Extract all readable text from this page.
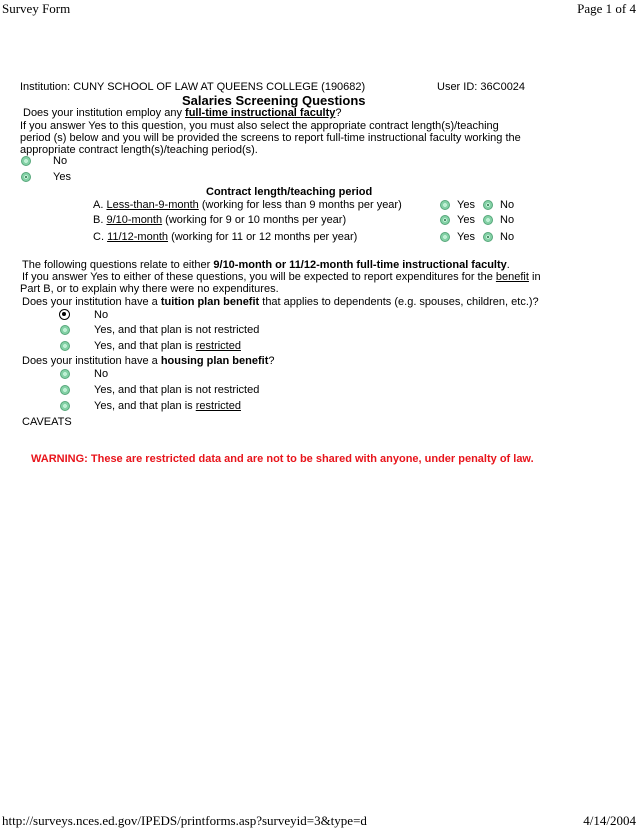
Survey Form	Page 1 of 4
http://surveys.nces.ed.gov/IPEDS/printforms.asp?surveyid=3&type=d	4/14/2004
Institution: CUNY SCHOOL OF LAW AT QUEENS COLLEGE (190682)	User ID: 36C0024
Salaries Screening Questions
Does your institution employ any full-time instructional faculty?
If you answer Yes to this question, you must also select the appropriate contract length(s)/teaching period (s) below and you will be provided the screens to report full-time instructional faculty working the appropriate contract length(s)/teaching period(s).
No
Yes
Contract length/teaching period
A. Less-than-9-month (working for less than 9 months per year)	Yes No
B. 9/10-month (working for 9 or 10 months per year)	Yes No
C. 11/12-month (working for 11 or 12 months per year)	Yes No
The following questions relate to either 9/10-month or 11/12-month full-time instructional faculty.
If you answer Yes to either of these questions, you will be expected to report expenditures for the benefit in
Part B, or to explain why there were no expenditures.
Does your institution have a tuition plan benefit that applies to dependents (e.g. spouses, children, etc.)?
No
Yes, and that plan is not restricted
Yes, and that plan is restricted
Does your institution have a housing plan benefit?
No
Yes, and that plan is not restricted
Yes, and that plan is restricted
CAVEATS
WARNING: These are restricted data and are not to be shared with anyone, under penalty of law.
